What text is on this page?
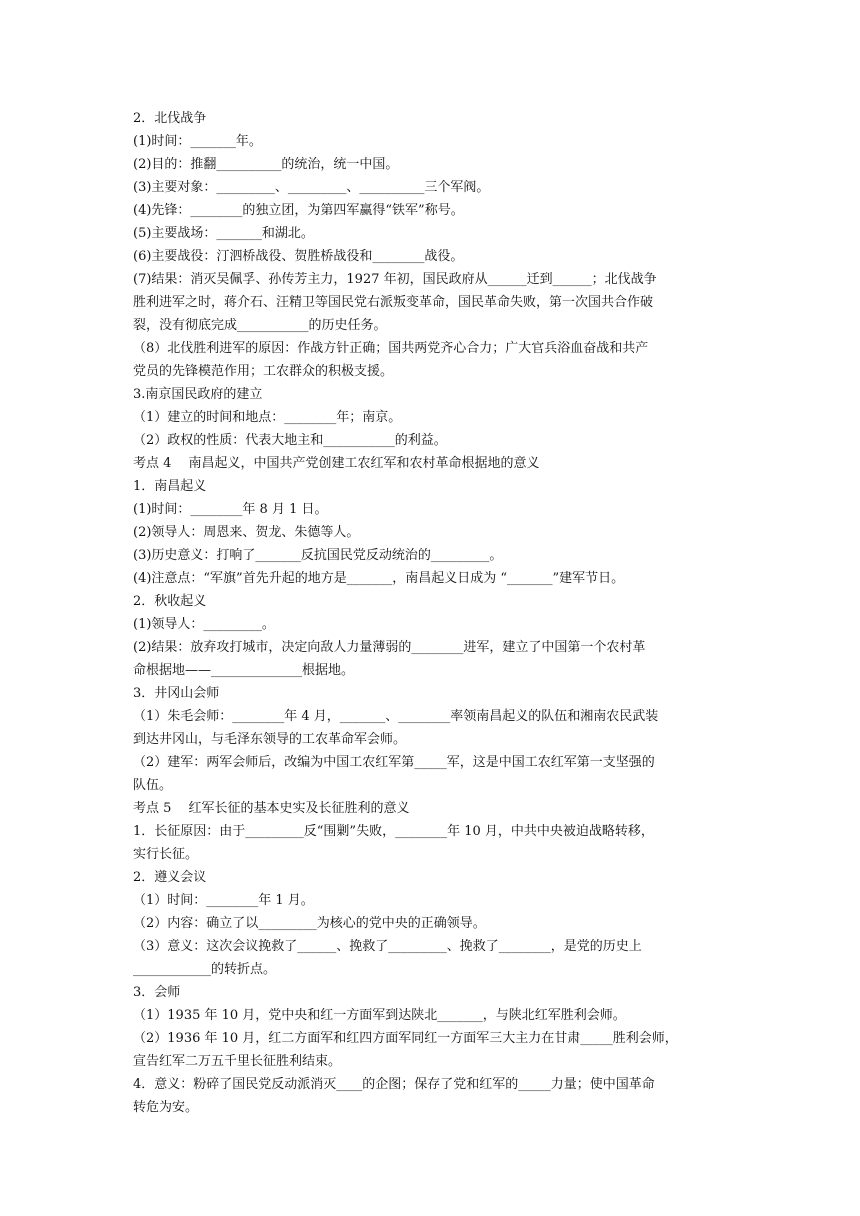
2．北伐战争

(1)时间：_______年。

(2)目的：推翻__________的统治，统一中国。

(3)主要对象：_________、_________、__________三个军阀。

(4)先锋：________的独立团，为第四军赢得“铁军”称号。

(5)主要战场：_______和湖北。

(6)主要战役：汀泗桥战役、贺胜桥战役和________战役。

(7)结果：消灭吴佩孚、孙传芳主力，1927 年初，国民政府从______迁到______；北伐战争

胜利进军之时，蒋介石、汪精卫等国民党右派叛变革命，国民革命失败，第一次国共合作破

裂，没有彻底完成___________的历史任务。

（8）北伐胜利进军的原因：作战方针正确；国共两党齐心合力；广大官兵浴血奋战和共产

党员的先锋模范作用；工农群众的积极支援。

3.南京国民政府的建立

（1）建立的时间和地点：________年；南京。

（2）政权的性质：代表大地主和___________的利益。

考点 4　 南昌起义，中国共产党创建工农红军和农村革命根据地的意义

1．南昌起义

(1)时间：________年 8 月 1 日。

(2)领导人：周恩来、贺龙、朱德等人。

(3)历史意义：打响了_______反抗国民党反动统治的_________。

(4)注意点：“军旗”首先升起的地方是_______，南昌起义日成为 “_______”建军节日。

2．秋收起义

(1)领导人：_________。

(2)结果：放弃攻打城市，决定向敌人力量薄弱的________进军，建立了中国第一个农村革

命根据地——______________根据地。

3．井冈山会师

（1）朱毛会师：________年 4 月，_______、________率领南昌起义的队伍和湘南农民武装

到达井冈山，与毛泽东领导的工农革命军会师。

（2）建军：两军会师后，改编为中国工农红军第_____军，这是中国工农红军第一支坚强的

队伍。

考点 5　 红军长征的基本史实及长征胜利的意义

1．长征原因：由于_________反“围剿”失败，________年 10 月，中共中央被迫战略转移，

实行长征。

2．遵义会议

（1）时间：________年 1 月。

（2）内容：确立了以_________为核心的党中央的正确领导。

（3）意义：这次会议挽救了______、挽救了_________、挽救了________，是党的历史上

____________的转折点。

3．会师

（1）1935 年 10 月，党中央和红一方面军到达陕北_______，与陕北红军胜利会师。

（2）1936 年 10 月，红二方面军和红四方面军同红一方面军三大主力在甘肃_____胜利会师，

宣告红军二万五千里长征胜利结束。

4．意义：粉碎了国民党反动派消灭____的企图；保存了党和红军的_____力量；使中国革命

转危为安。
